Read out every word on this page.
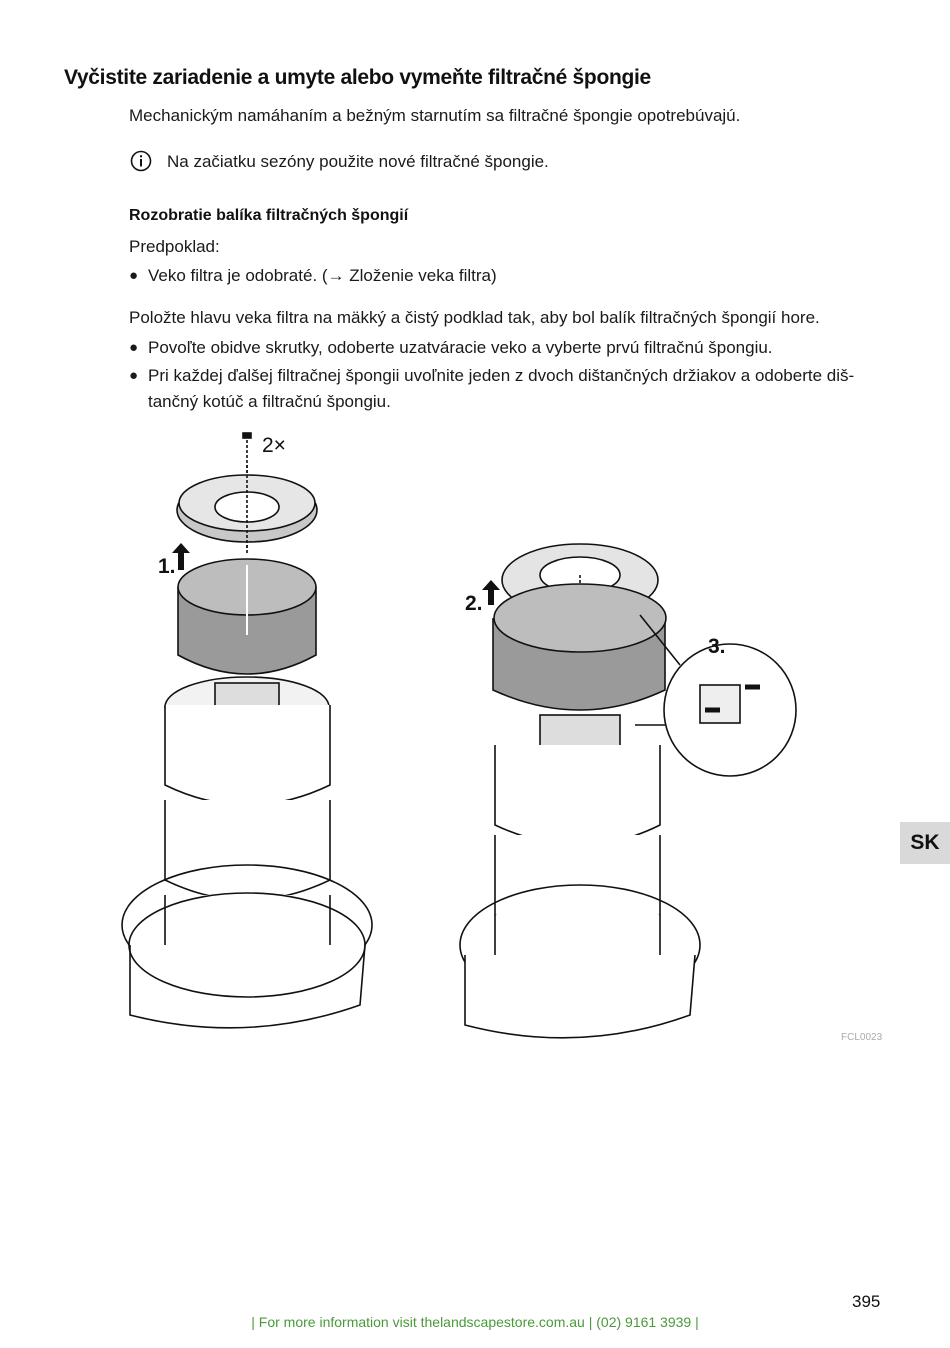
Vyčistite zariadenie a umyte alebo vymeňte filtračné špongie
Mechanickým namáhaním a bežným starnutím sa filtračné špongie opotrebúvajú.
Na začiatku sezóny použite nové filtračné špongie.
Rozobratie balíka filtračných špongií
Predpoklad:
● Veko filtra je odobraté. (→ Zloženie veka filtra)
Položte hlavu veka filtra na mäkký a čistý podklad tak, aby bol balík filtračných špongií hore.
● Povoľte obidve skrutky, odoberte uzatváracie veko a vyberte prvú filtračnú špongiu.
● Pri každej ďalšej filtračnej špongii uvoľnite jeden z dvoch dištančných držiakov a odoberte diš-tančný kotúč a filtračnú špongiu.
2×
1.
2.
3.
FCL0023
SK
395
| For more information visit thelandscapestore.com.au | (02) 9161 3939 |
